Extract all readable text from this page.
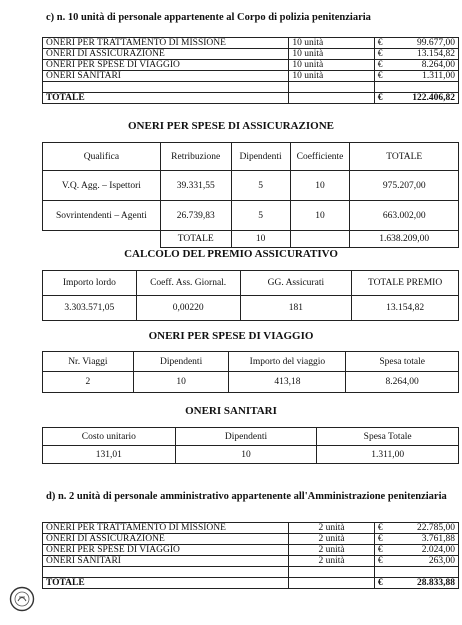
c) n. 10 unità di personale appartenente al Corpo di polizia penitenziaria
ONERI PER TRATTAMENTO DI MISSIONE	10 unità	€	99.677,00
ONERI DI ASSICURAZIONE	10 unità	€	13.154,82
ONERI PER SPESE DI VIAGGIO	10 unità	€	8.264,00
ONERI SANITARI	10 unità	€	1.311,00

TOTALE		€	122.406,82
ONERI PER SPESE DI ASSICURAZIONE
Qualifica	Retribuzione	Dipendenti	Coefficiente	TOTALE
V.Q. Agg. – Ispettori	39.331,55	5	10	975.207,00
Sovrintendenti – Agenti	26.739,83	5	10	663.002,00
	TOTALE	10		1.638.209,00
CALCOLO DEL PREMIO ASSICURATIVO
Importo lordo	Coeff. Ass. Giornal.	GG. Assicurati	TOTALE PREMIO
3.303.571,05	0,00220	181	13.154,82
ONERI PER SPESE DI VIAGGIO
Nr. Viaggi	Dipendenti	Importo del viaggio	Spesa totale
2	10	413,18	8.264,00
ONERI SANITARI
Costo unitario	Dipendenti	Spesa Totale
131,01	10	1.311,00
d) n. 2 unità di personale amministrativo appartenente all'Amministrazione penitenziaria
ONERI PER TRATTAMENTO DI MISSIONE	2 unità	€	22.785,00
ONERI DI ASSICURAZIONE	2 unità	€	3.761,88
ONERI PER SPESE DI VIAGGIO	2 unità	€	2.024,00
ONERI SANITARI	2 unità	€	263,00

TOTALE		€	28.833,88
